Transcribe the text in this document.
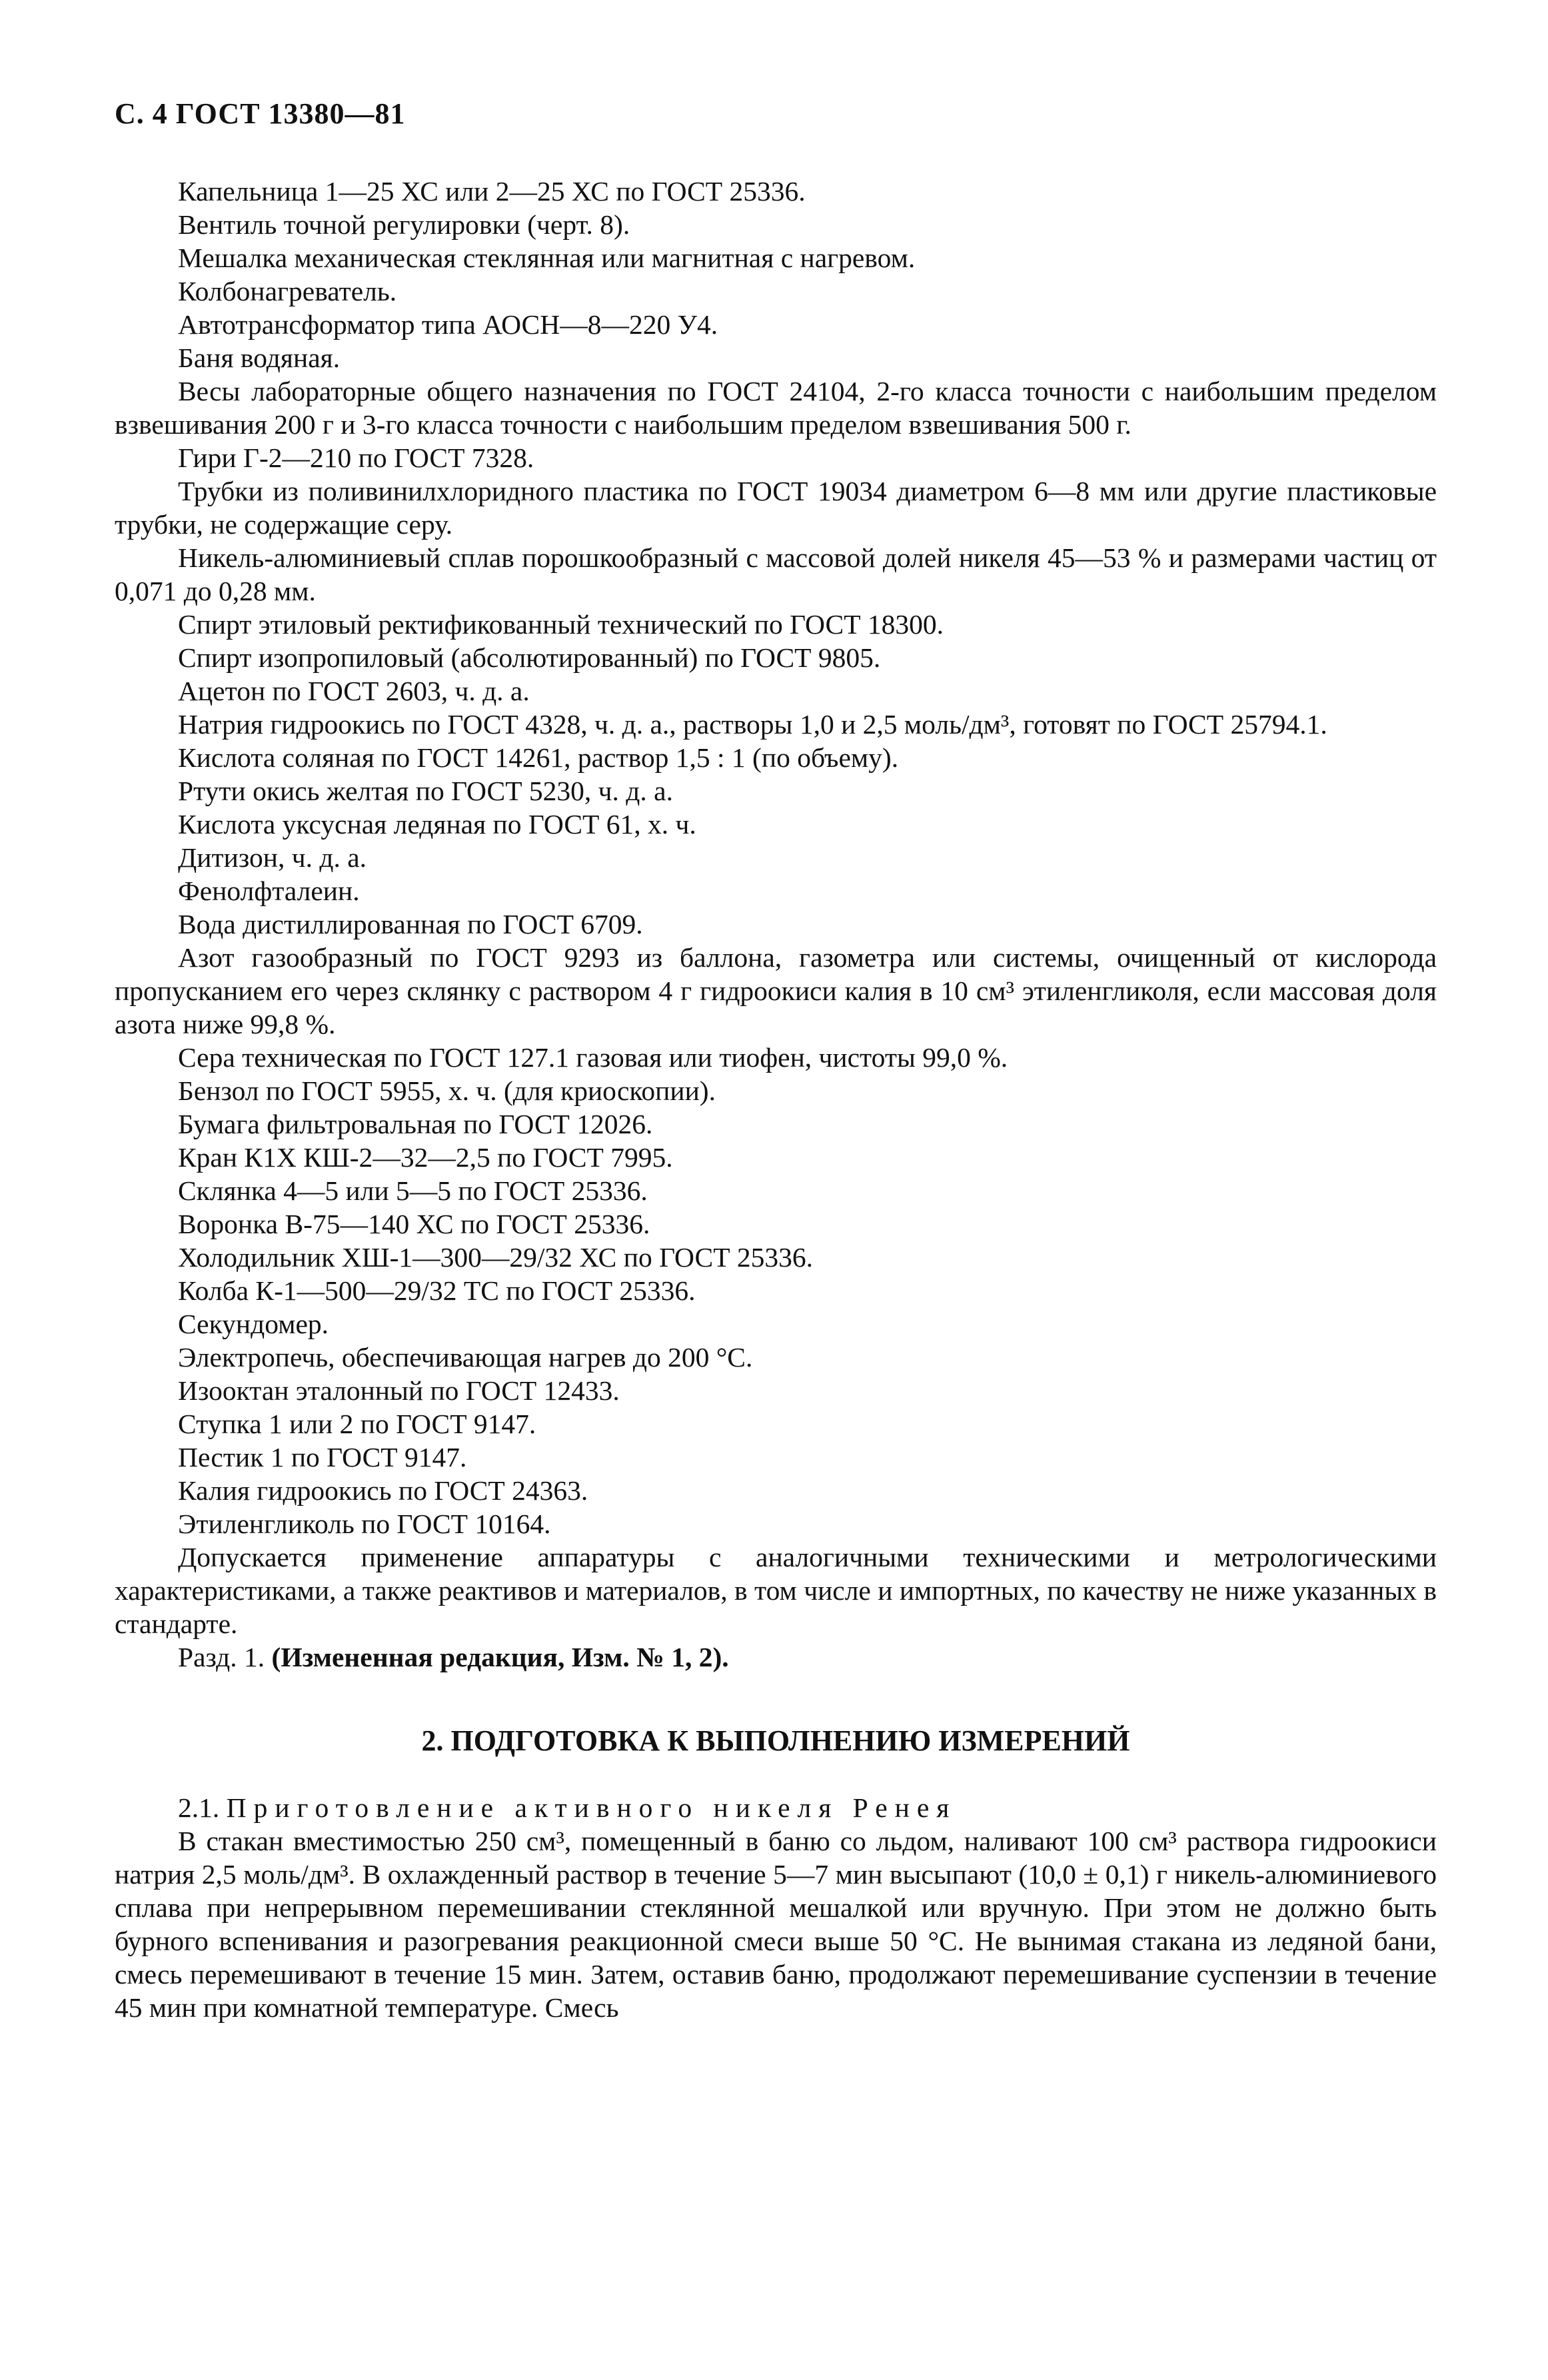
С. 4 ГОСТ 13380—81

Капельница 1—25 ХС или 2—25 ХС по ГОСТ 25336.

Вентиль точной регулировки (черт. 8).

Мешалка механическая стеклянная или магнитная с нагревом.

Колбонагреватель.

Автотрансформатор типа АОСН—8—220 У4.

Баня водяная.

Весы лабораторные общего назначения по ГОСТ 24104, 2-го класса точности с наибольшим пределом взвешивания 200 г и 3-го класса точности с наибольшим пределом взвешивания 500 г.

Гири Г-2—210 по ГОСТ 7328.

Трубки из поливинилхлоридного пластика по ГОСТ 19034 диаметром 6—8 мм или другие пластиковые трубки, не содержащие серу.

Никель-алюминиевый сплав порошкообразный с массовой долей никеля 45—53 % и размерами частиц от 0,071 до 0,28 мм.

Спирт этиловый ректификованный технический по ГОСТ 18300.

Спирт изопропиловый (абсолютированный) по ГОСТ 9805.

Ацетон по ГОСТ 2603, ч. д. а.

Натрия гидроокись по ГОСТ 4328, ч. д. а., растворы 1,0 и 2,5 моль/дм³, готовят по ГОСТ 25794.1.

Кислота соляная по ГОСТ 14261, раствор 1,5 : 1 (по объему).

Ртути окись желтая по ГОСТ 5230, ч. д. а.

Кислота уксусная ледяная по ГОСТ 61, х. ч.

Дитизон, ч. д. а.

Фенолфталеин.

Вода дистиллированная по ГОСТ 6709.

Азот газообразный по ГОСТ 9293 из баллона, газометра или системы, очищенный от кислорода пропусканием его через склянку с раствором 4 г гидроокиси калия в 10 см³ этиленгликоля, если массовая доля азота ниже 99,8 %.

Сера техническая по ГОСТ 127.1 газовая или тиофен, чистоты 99,0 %.

Бензол по ГОСТ 5955, х. ч. (для криоскопии).

Бумага фильтровальная по ГОСТ 12026.

Кран К1Х КШ-2—32—2,5 по ГОСТ 7995.

Склянка 4—5 или 5—5 по ГОСТ 25336.

Воронка В-75—140 ХС по ГОСТ 25336.

Холодильник ХШ-1—300—29/32 ХС по ГОСТ 25336.

Колба К-1—500—29/32 ТС по ГОСТ 25336.

Секундомер.

Электропечь, обеспечивающая нагрев до 200 °С.

Изооктан эталонный по ГОСТ 12433.

Ступка 1 или 2 по ГОСТ 9147.

Пестик 1 по ГОСТ 9147.

Калия гидроокись по ГОСТ 24363.

Этиленгликоль по ГОСТ 10164.

Допускается применение аппаратуры с аналогичными техническими и метрологическими характеристиками, а также реактивов и материалов, в том числе и импортных, по качеству не ниже указанных в стандарте.

Разд. 1. (Измененная редакция, Изм. № 1, 2).

2. ПОДГОТОВКА К ВЫПОЛНЕНИЮ ИЗМЕРЕНИЙ

2.1. Приготовление активного никеля Ренея

В стакан вместимостью 250 см³, помещенный в баню со льдом, наливают 100 см³ раствора гидроокиси натрия 2,5 моль/дм³. В охлажденный раствор в течение 5—7 мин высыпают (10,0 ± 0,1) г никель-алюминиевого сплава при непрерывном перемешивании стеклянной мешалкой или вручную. При этом не должно быть бурного вспенивания и разогревания реакционной смеси выше 50 °С. Не вынимая стакана из ледяной бани, смесь перемешивают в течение 15 мин. Затем, оставив баню, продолжают перемешивание суспензии в течение 45 мин при комнатной температуре. Смесь
